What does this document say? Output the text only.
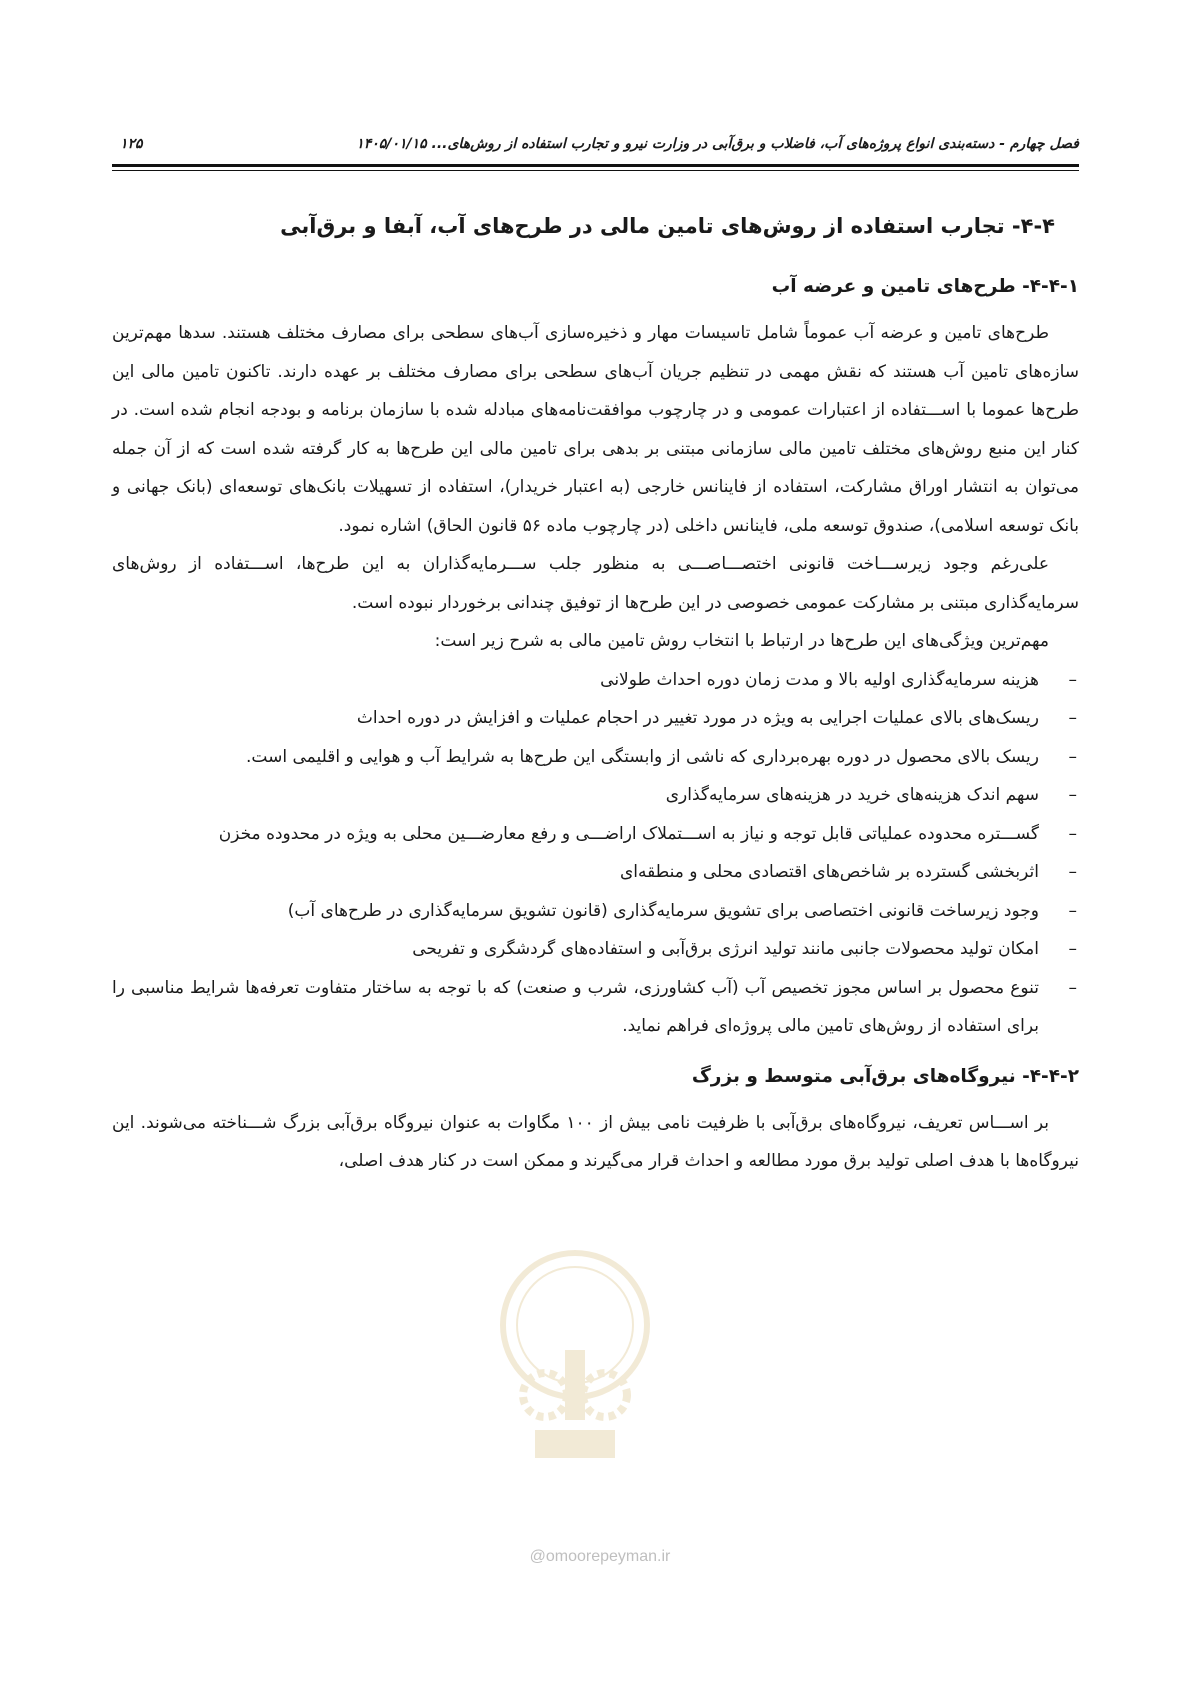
فصل چهارم - دسته‌بندی انواع پروژه‌های آب، فاضلاب و برق‌آبی در وزارت نیرو و تجارب استفاده از روش‌های... ۱۴۰۵/۰۱/۱۵
۱۲۵
۴-۴- تجارب استفاده از روش‌های تامین مالی در طرح‌های آب، آبفا و برق‌آبی
۴-۴-۱- طرح‌های تامین و عرضه آب

طرح‌های تامین و عرضه آب عموماً شامل تاسیسات مهار و ذخیره‌سازی آب‌های سطحی برای مصارف مختلف هستند. سدها مهم‌ترین سازه‌های تامین آب هستند که نقش مهمی در تنظیم جریان آب‌های سطحی برای مصارف مختلف بر عهده دارند. تاکنون تامین مالی این طرح‌ها عموما با اســـتفاده از اعتبارات عمومی و در چارچوب موافقت‌نامه‌های مبادله شده با سازمان برنامه و بودجه انجام شده است. در کنار این منبع روش‌های مختلف تامین مالی سازمانی مبتنی بر بدهی برای تامین مالی این طرح‌ها به کار گرفته شده است که از آن جمله می‌توان به انتشار اوراق مشارکت، استفاده از فاینانس خارجی (به اعتبار خریدار)، استفاده از تسهیلات بانک‌های توسعه‌ای (بانک جهانی و بانک توسعه اسلامی)، صندوق توسعه ملی، فاینانس داخلی (در چارچوب ماده ۵۶ قانون الحاق) اشاره نمود.

علی‌رغم وجود زیرســـاخت قانونی اختصـــاصـــی به منظور جلب ســـرمایه‌گذاران به این طرح‌ها، اســـتفاده از روش‌های سرمایه‌گذاری مبتنی بر مشارکت عمومی خصوصی در این طرح‌ها از توفیق چندانی برخوردار نبوده است.

مهم‌ترین ویژگی‌های این طرح‌ها در ارتباط با انتخاب روش تامین مالی به شرح زیر است:

– هزینه سرمایه‌گذاری اولیه بالا و مدت زمان دوره احداث طولانی
– ریسک‌های بالای عملیات اجرایی به ویژه در مورد تغییر در احجام عملیات و افزایش در دوره احداث
– ریسک بالای محصول در دوره بهره‌برداری که ناشی از وابستگی این طرح‌ها به شرایط آب و هوایی و اقلیمی است.
– سهم اندک هزینه‌های خرید در هزینه‌های سرمایه‌گذاری
– گســـتره محدوده عملیاتی قابل توجه و نیاز به اســـتملاک اراضـــی و رفع معارضـــین محلی به ویژه در محدوده مخزن
– اثربخشی گسترده بر شاخص‌های اقتصادی محلی و منطقه‌ای
– وجود زیرساخت قانونی اختصاصی برای تشویق سرمایه‌گذاری (قانون تشویق سرمایه‌گذاری در طرح‌های آب)
– امکان تولید محصولات جانبی مانند تولید انرژی برق‌آبی و استفاده‌های گردشگری و تفریحی
– تنوع محصول بر اساس مجوز تخصیص آب (آب کشاورزی، شرب و صنعت) که با توجه به ساختار متفاوت تعرفه‌ها شرایط مناسبی را برای استفاده از روش‌های تامین مالی پروژه‌ای فراهم نماید.
۴-۴-۲- نیروگاه‌های برق‌آبی متوسط و بزرگ

بر اســـاس تعریف، نیروگاه‌های برق‌آبی با ظرفیت نامی بیش از ۱۰۰ مگاوات به عنوان نیروگاه برق‌آبی بزرگ شـــناخته می‌شوند. این نیروگاه‌ها با هدف اصلی تولید برق مورد مطالعه و احداث قرار می‌گیرند و ممکن است در کنار هدف اصلی،

@omoorepeyman.ir
